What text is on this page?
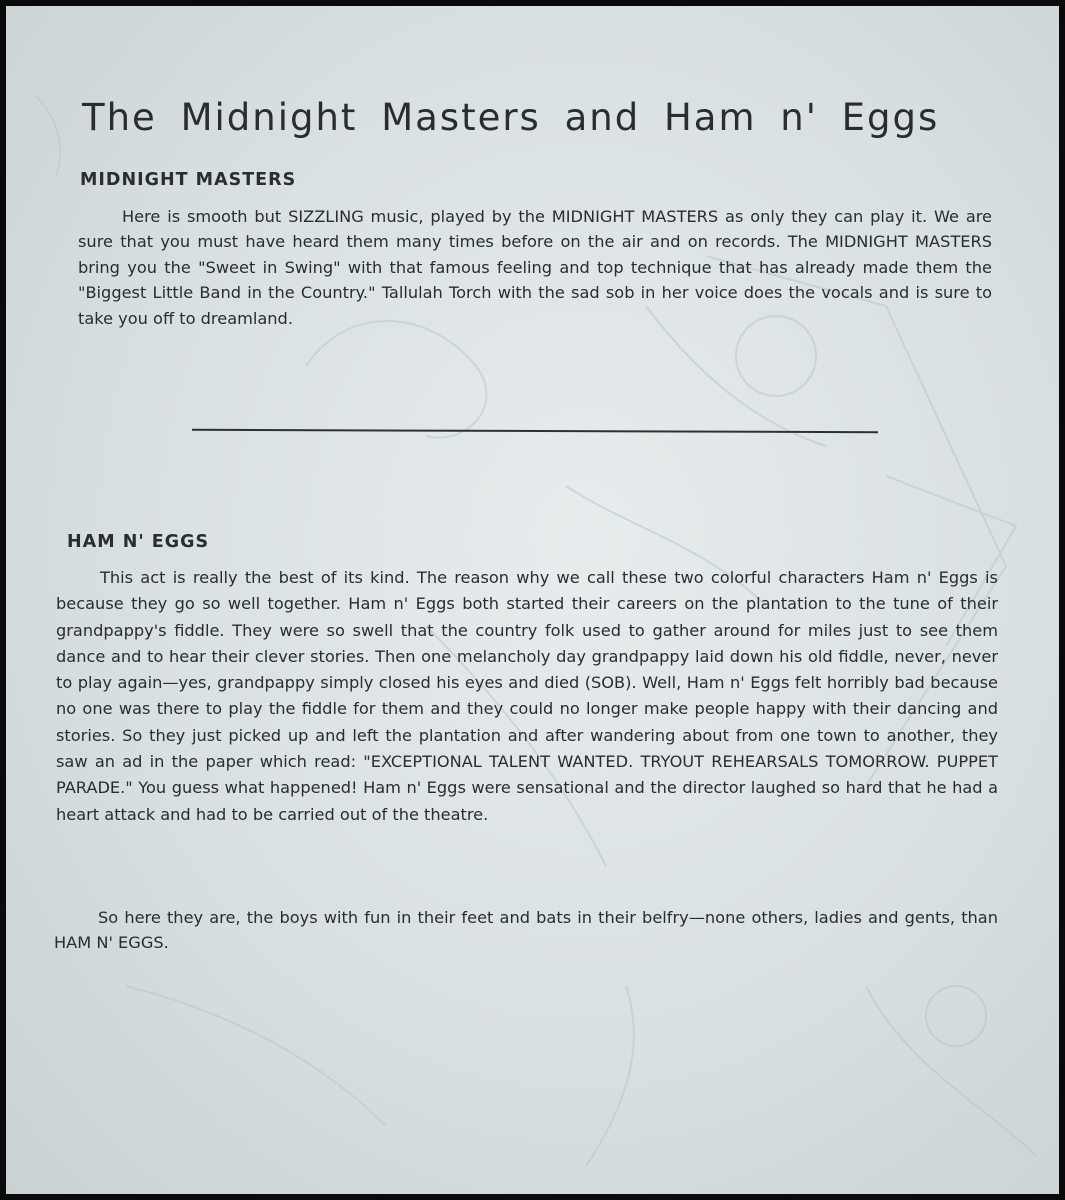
The Midnight Masters and Ham n' Eggs
MIDNIGHT MASTERS

Here is smooth but SIZZLING music, played by the MIDNIGHT MASTERS as only they can play it. We are sure that you must have heard them many times before on the air and on records. The MIDNIGHT MASTERS bring you the "Sweet in Swing" with that famous feeling and top technique that has already made them the "Biggest Little Band in the Country." Tallulah Torch with the sad sob in her voice does the vocals and is sure to take you off to dreamland.

HAM N' EGGS

This act is really the best of its kind. The reason why we call these two colorful characters Ham n' Eggs is because they go so well together. Ham n' Eggs both started their careers on the plantation to the tune of their grandpappy's fiddle. They were so swell that the country folk used to gather around for miles just to see them dance and to hear their clever stories. Then one melancholy day grandpappy laid down his old fiddle, never, never to play again—yes, grandpappy simply closed his eyes and died (SOB). Well, Ham n' Eggs felt horribly bad because no one was there to play the fiddle for them and they could no longer make people happy with their dancing and stories. So they just picked up and left the plantation and after wandering about from one town to another, they saw an ad in the paper which read: "EXCEPTIONAL TALENT WANTED. TRYOUT REHEARSALS TOMORROW. PUPPET PARADE." You guess what happened! Ham n' Eggs were sensational and the director laughed so hard that he had a heart attack and had to be carried out of the theatre.

So here they are, the boys with fun in their feet and bats in their belfry—none others, ladies and gents, than HAM N' EGGS.
